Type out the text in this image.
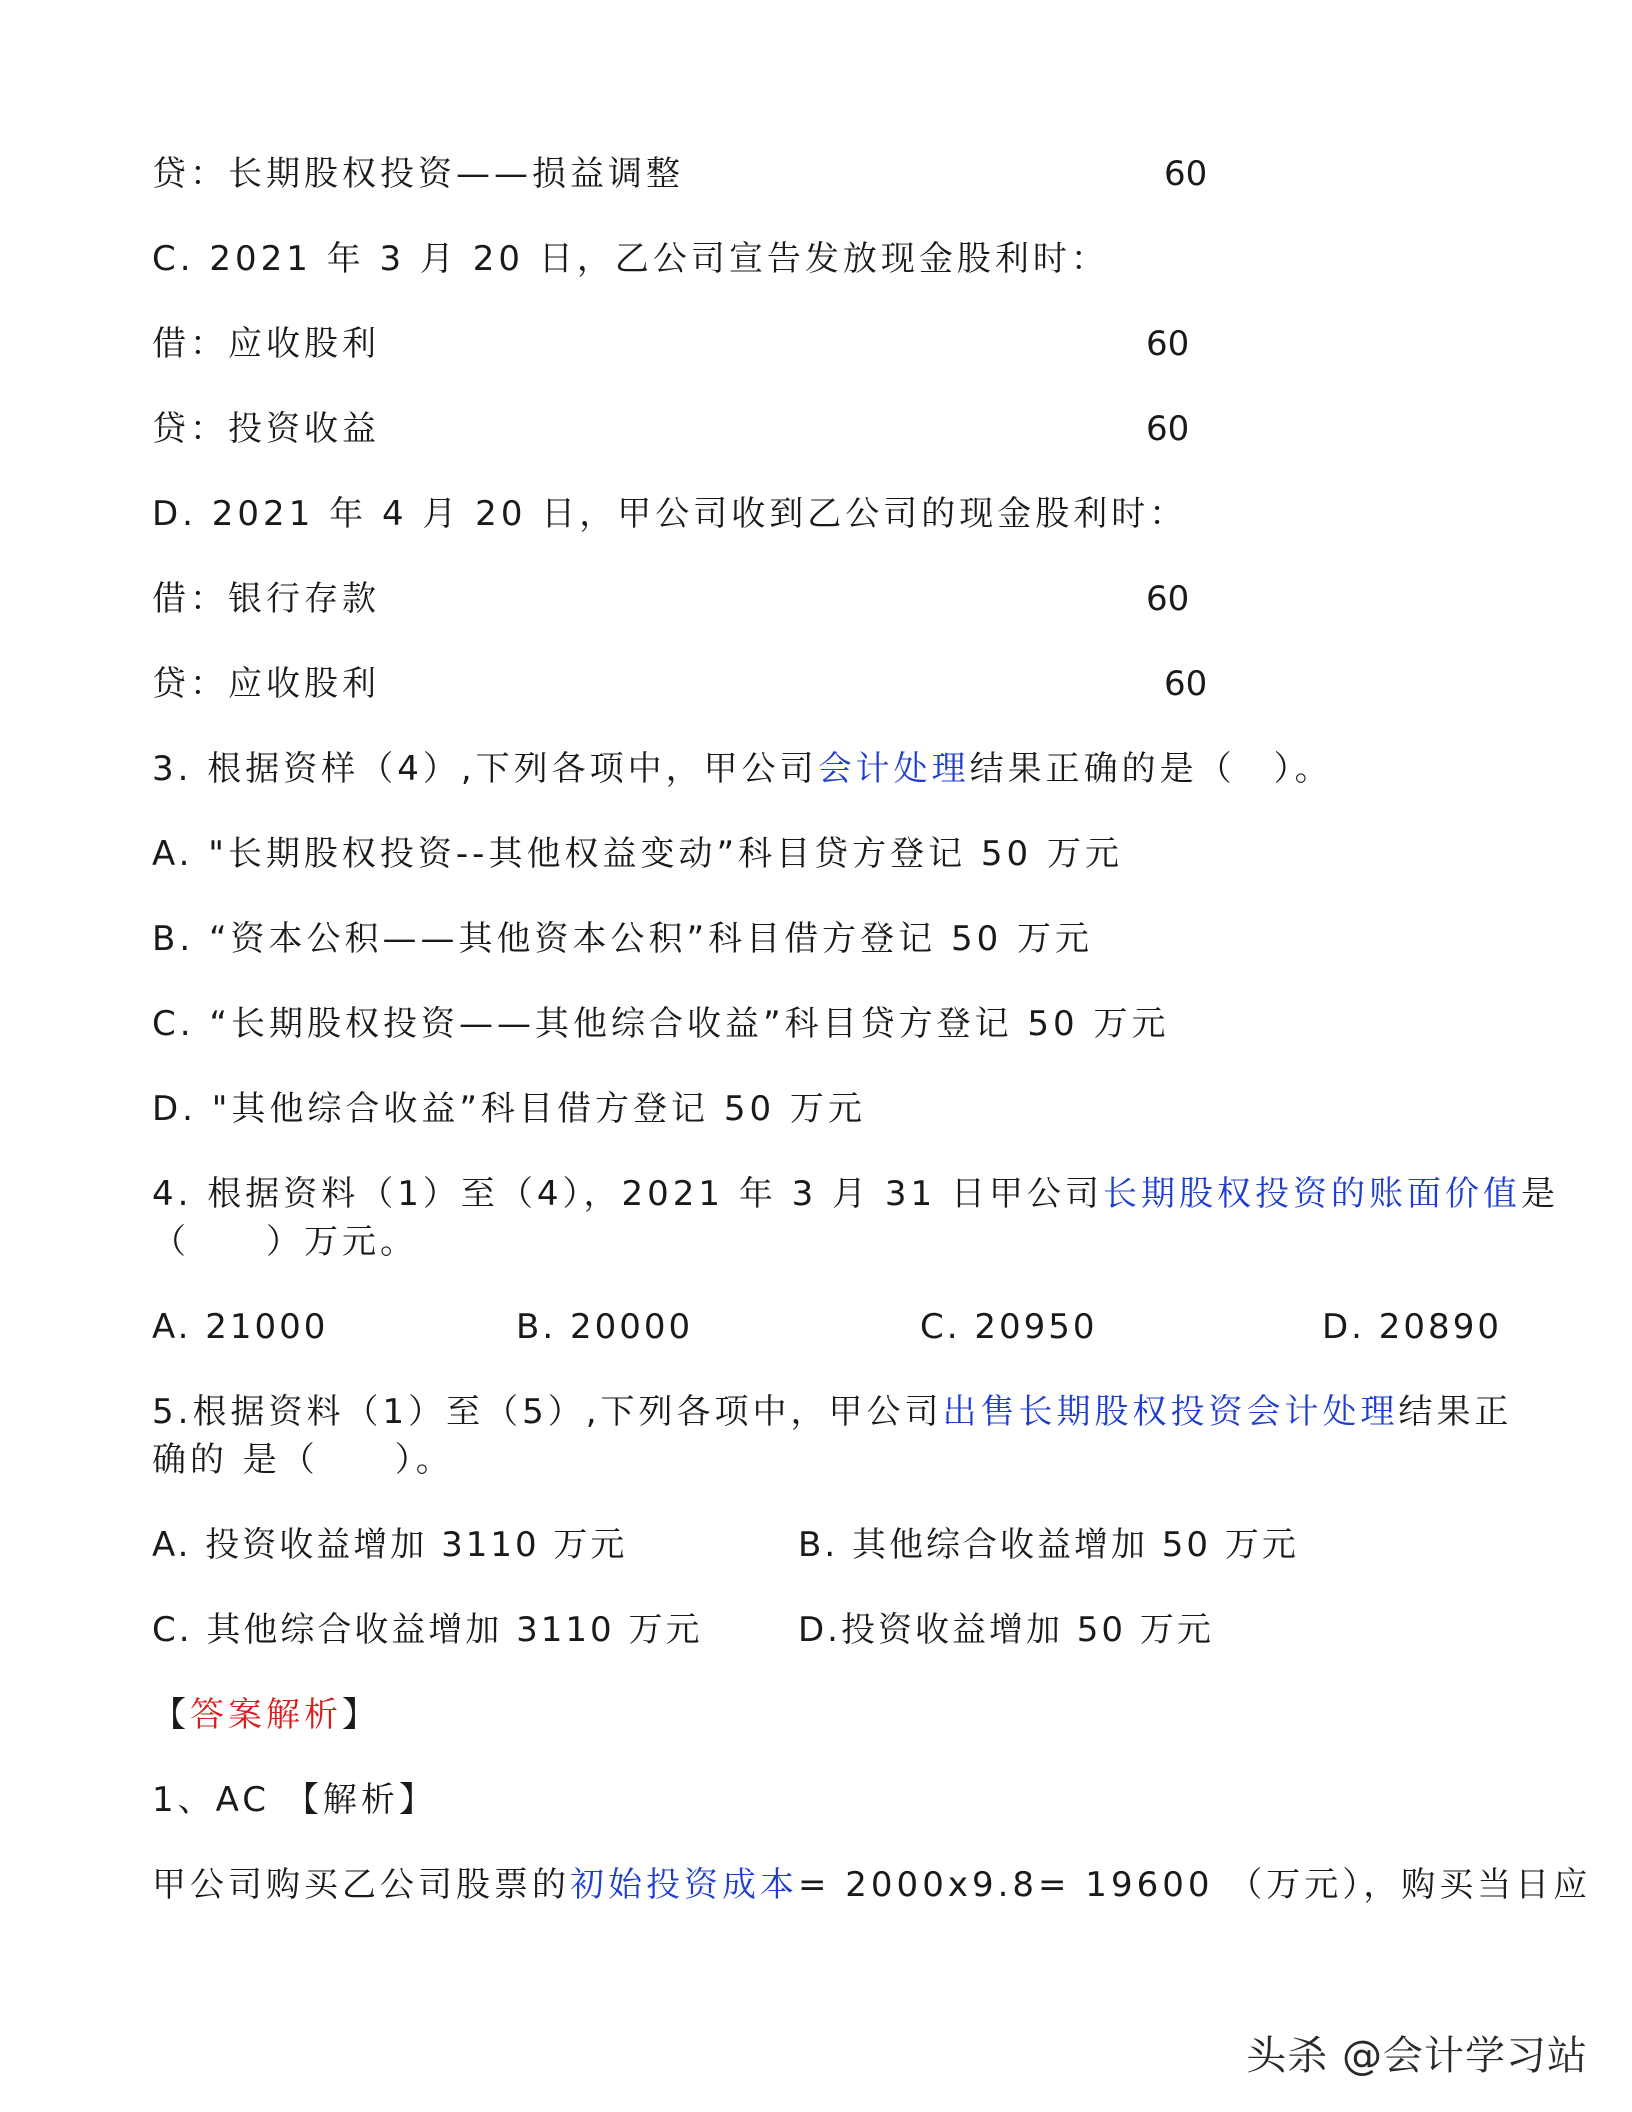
贷：长期股权投资——损益调整	60
C. 2021 年 3 月 20 日，乙公司宣告发放现金股利时：
借：应收股利	60
贷：投资收益	60
D. 2021 年 4 月 20 日，甲公司收到乙公司的现金股利时：
借：银行存款	60
贷：应收股利	60
3. 根据资样（4）,下列各项中，甲公司会计处理结果正确的是（　）。
A. "长期股权投资--其他权益变动”科目贷方登记 50 万元
B. “资本公积——其他资本公积”科目借方登记 50 万元
C. “长期股权投资——其他综合收益”科目贷方登记 50 万元
D. "其他综合收益”科目借方登记 50 万元
4. 根据资料（1）至（4），2021 年 3 月 31 日甲公司长期股权投资的账面价值是
（　　）万元。
A. 21000	B. 20000	C. 20950	D. 20890
5.根据资料（1）至（5）,下列各项中，甲公司出售长期股权投资会计处理结果正
确的 是（　　）。
A. 投资收益增加 3110 万元	B. 其他综合收益增加 50 万元
C. 其他综合收益增加 3110 万元	D.投资收益增加 50 万元
【答案解析】
1、AC 【解析】
甲公司购买乙公司股票的初始投资成本= 2000x9.8= 19600 （万元），购买当日应
头杀 @会计学习站
